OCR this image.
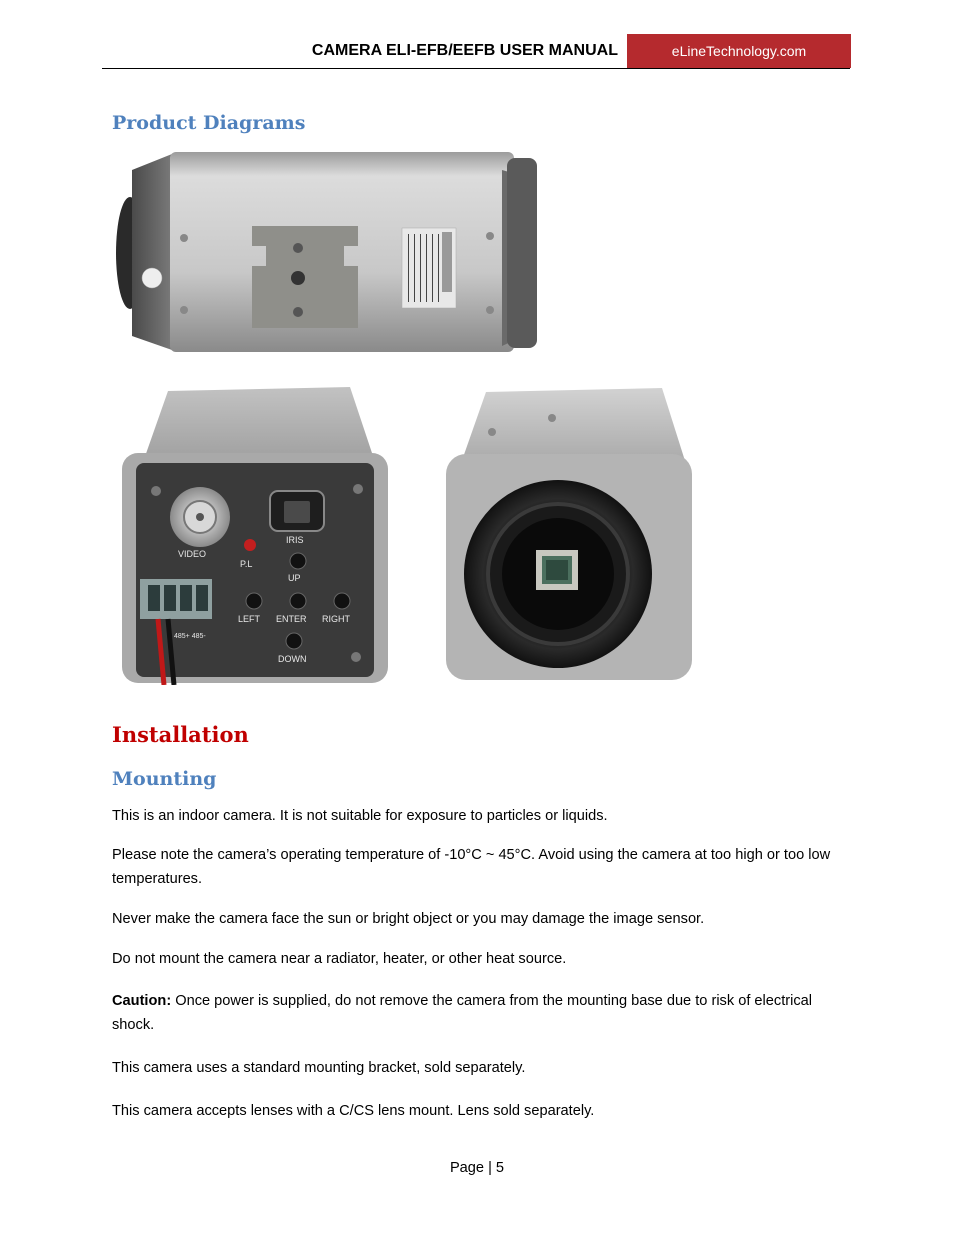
CAMERA ELI-EFB/EEFB USER MANUAL	eLineTechnology.com
Product Diagrams
VIDEO
P.L
IRIS
UP
LEFT ENTER RIGHT
DOWN
485+ 485-
Installation
Mounting
This is an indoor camera. It is not suitable for exposure to particles or liquids.
Please note the camera’s operating temperature of -10°C ~ 45°C. Avoid using the camera at too high or too low temperatures.
Never make the camera face the sun or bright object or you may damage the image sensor.
Do not mount the camera near a radiator, heater, or other heat source.
Caution: Once power is supplied, do not remove the camera from the mounting base due to risk of electrical shock.
This camera uses a standard mounting bracket, sold separately.
This camera accepts lenses with a C/CS lens mount. Lens sold separately.
Page | 5
